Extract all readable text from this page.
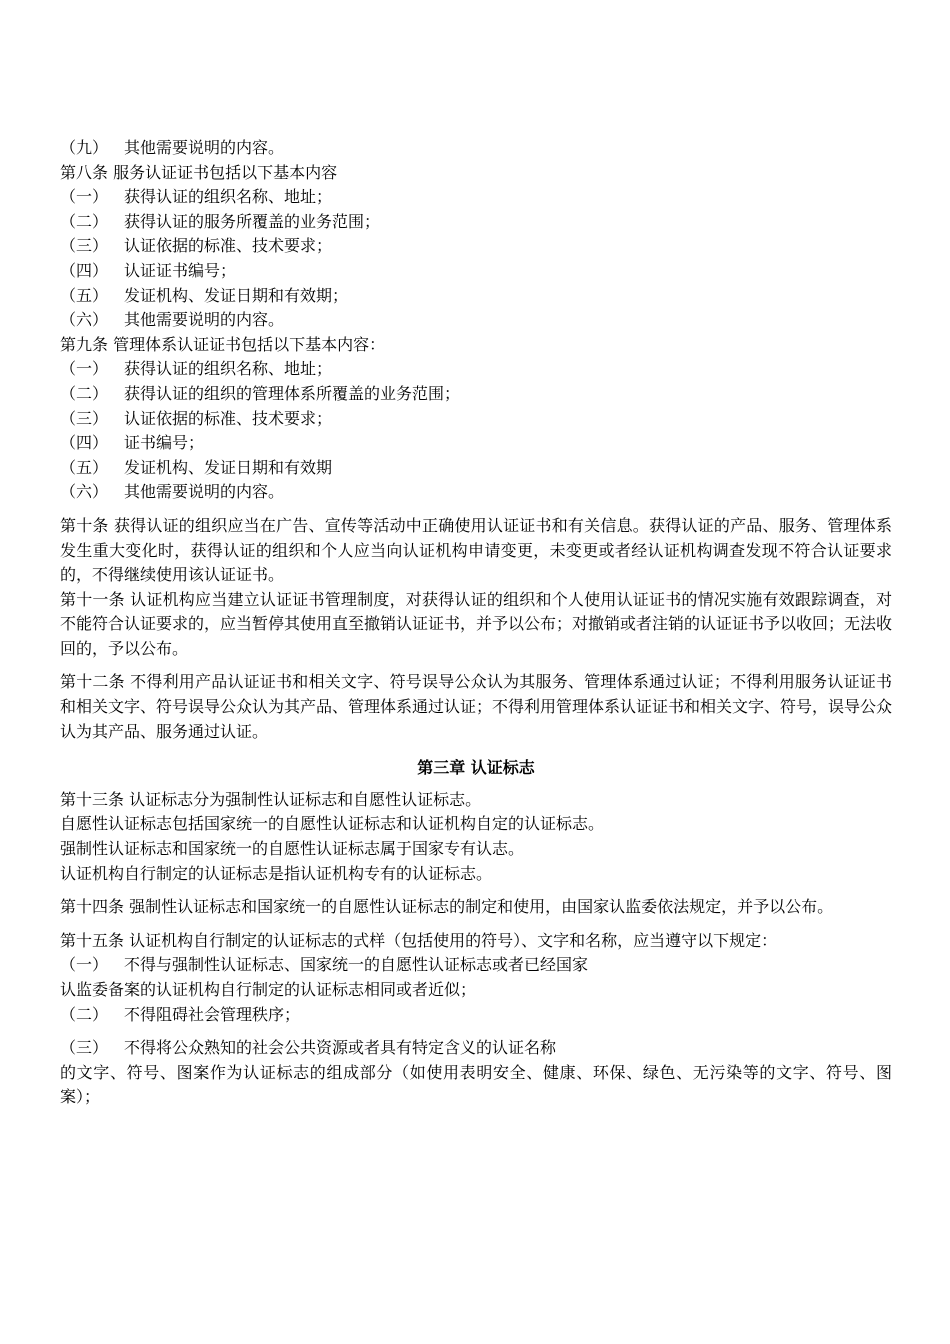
（九） 其他需要说明的内容。
第八条 服务认证证书包括以下基本内容
（一） 获得认证的组织名称、地址；
（二） 获得认证的服务所覆盖的业务范围；
（三） 认证依据的标准、技术要求；
（四） 认证证书编号；
（五） 发证机构、发证日期和有效期；
（六） 其他需要说明的内容。
第九条 管理体系认证证书包括以下基本内容：
（一） 获得认证的组织名称、地址；
（二） 获得认证的组织的管理体系所覆盖的业务范围；
（三） 认证依据的标准、技术要求；
（四） 证书编号；
（五） 发证机构、发证日期和有效期
（六） 其他需要说明的内容。
第十条 获得认证的组织应当在广告、宣传等活动中正确使用认证证书和有关信息。获得认证的产品、服务、管理体系发生重大变化时，获得认证的组织和个人应当向认证机构申请变更，未变更或者经认证机构调查发现不符合认证要求的，不得继续使用该认证证书。
第十一条 认证机构应当建立认证证书管理制度，对获得认证的组织和个人使用认证证书的情况实施有效跟踪调查，对不能符合认证要求的，应当暂停其使用直至撤销认证证书，并予以公布；对撤销或者注销的认证证书予以收回；无法收回的，予以公布。
第十二条 不得利用产品认证证书和相关文字、符号误导公众认为其服务、管理体系通过认证；不得利用服务认证证书和相关文字、符号误导公众认为其产品、管理体系通过认证；不得利用管理体系认证证书和相关文字、符号，误导公众认为其产品、服务通过认证。
第三章 认证标志
第十三条 认证标志分为强制性认证标志和自愿性认证标志。
自愿性认证标志包括国家统一的自愿性认证标志和认证机构自定的认证标志。
强制性认证标志和国家统一的自愿性认证标志属于国家专有认志。
认证机构自行制定的认证标志是指认证机构专有的认证标志。
第十四条 强制性认证标志和国家统一的自愿性认证标志的制定和使用，由国家认监委依法规定，并予以公布。
第十五条 认证机构自行制定的认证标志的式样（包括使用的符号）、文字和名称，应当遵守以下规定：
（一） 不得与强制性认证标志、国家统一的自愿性认证标志或者已经国家
认监委备案的认证机构自行制定的认证标志相同或者近似；
（二） 不得阻碍社会管理秩序；
（三） 不得将公众熟知的社会公共资源或者具有特定含义的认证名称
的文字、符号、图案作为认证标志的组成部分（如使用表明安全、健康、环保、绿色、无污染等的文字、符号、图案）；
